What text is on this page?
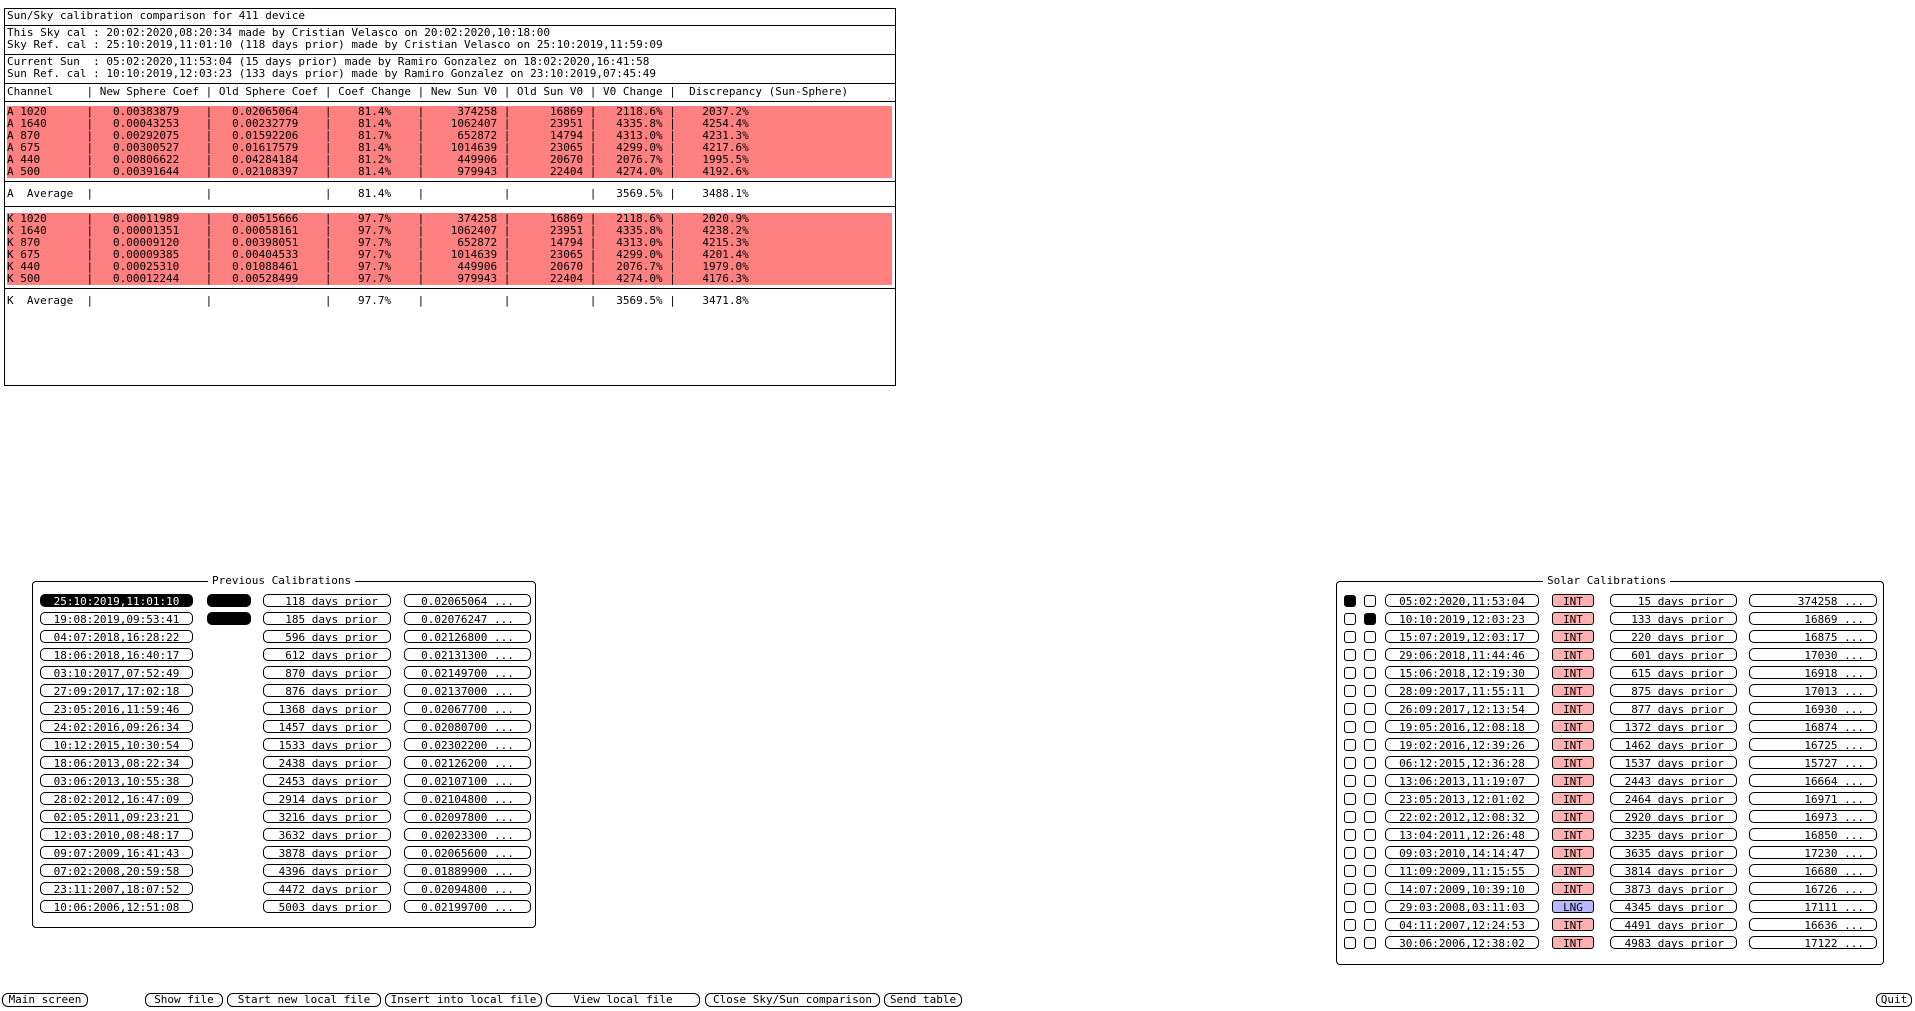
Sun/Sky calibration comparison for 411 device
This Sky cal : 20:02:2020,08:20:34 made by Cristian Velasco on 20:02:2020,10:18:00
Sky Ref. cal : 25:10:2019,11:01:10 (118 days prior) made by Cristian Velasco on 25:10:2019,11:59:09
Current Sun  : 05:02:2020,11:53:04 (15 days prior) made by Ramiro Gonzalez on 18:02:2020,16:41:58
Sun Ref. cal : 10:10:2019,12:03:23 (133 days prior) made by Ramiro Gonzalez on 23:10:2019,07:45:49
Channel     | New Sphere Coef | Old Sphere Coef | Coef Change | New Sun V0 | Old Sun V0 | V0 Change |  Discrepancy (Sun-Sphere)
A 1020      |   0.00383879    |   0.02065064    |    81.4%    |     374258 |      16869 |   2118.6% |    2037.2%
A 1640      |   0.00043253    |   0.00232779    |    81.4%    |    1062407 |      23951 |   4335.8% |    4254.4%
A 870       |   0.00292075    |   0.01592206    |    81.7%    |     652872 |      14794 |   4313.0% |    4231.3%
A 675       |   0.00300527    |   0.01617579    |    81.4%    |    1014639 |      23065 |   4299.0% |    4217.6%
A 440       |   0.00806622    |   0.04284184    |    81.2%    |     449906 |      20670 |   2076.7% |    1995.5%
A 500       |   0.00391644    |   0.02108397    |    81.4%    |     979943 |      22404 |   4274.0% |    4192.6%
A  Average  |                 |                 |    81.4%    |            |            |   3569.5% |    3488.1%
K 1020      |   0.00011989    |   0.00515666    |    97.7%    |     374258 |      16869 |   2118.6% |    2020.9%
K 1640      |   0.00001351    |   0.00058161    |    97.7%    |    1062407 |      23951 |   4335.8% |    4238.2%
K 870       |   0.00009120    |   0.00398051    |    97.7%    |     652872 |      14794 |   4313.0% |    4215.3%
K 675       |   0.00009385    |   0.00404533    |    97.7%    |    1014639 |      23065 |   4299.0% |    4201.4%
K 440       |   0.00025310    |   0.01088461    |    97.7%    |     449906 |      20670 |   2076.7% |    1979.0%
K 500       |   0.00012244    |   0.00528499    |    97.7%    |     979943 |      22404 |   4274.0% |    4176.3%
K  Average  |                 |                 |    97.7%    |            |            |   3569.5% |    3471.8%
Previous Calibrations
25:10:2019,11:01:10	118 days prior	0.02065064 ...
19:08:2019,09:53:41	185 days prior	0.02076247 ...
04:07:2018,16:28:22	596 days prior	0.02126800 ...
18:06:2018,16:40:17	612 days prior	0.02131300 ...
03:10:2017,07:52:49	870 days prior	0.02149700 ...
27:09:2017,17:02:18	876 days prior	0.02137000 ...
23:05:2016,11:59:46	1368 days prior	0.02067700 ...
24:02:2016,09:26:34	1457 days prior	0.02080700 ...
10:12:2015,10:30:54	1533 days prior	0.02302200 ...
18:06:2013,08:22:34	2438 days prior	0.02126200 ...
03:06:2013,10:55:38	2453 days prior	0.02107100 ...
28:02:2012,16:47:09	2914 days prior	0.02104800 ...
02:05:2011,09:23:21	3216 days prior	0.02097800 ...
12:03:2010,08:48:17	3632 days prior	0.02023300 ...
09:07:2009,16:41:43	3878 days prior	0.02065600 ...
07:02:2008,20:59:58	4396 days prior	0.01889900 ...
23:11:2007,18:07:52	4472 days prior	0.02094800 ...
10:06:2006,12:51:08	5003 days prior	0.02199700 ...
Solar Calibrations
05:02:2020,11:53:04	INT	15 days prior	374258 ...
10:10:2019,12:03:23	INT	133 days prior	16869 ...
15:07:2019,12:03:17	INT	220 days prior	16875 ...
29:06:2018,11:44:46	INT	601 days prior	17030 ...
15:06:2018,12:19:30	INT	615 days prior	16918 ...
28:09:2017,11:55:11	INT	875 days prior	17013 ...
26:09:2017,12:13:54	INT	877 days prior	16930 ...
19:05:2016,12:08:18	INT	1372 days prior	16874 ...
19:02:2016,12:39:26	INT	1462 days prior	16725 ...
06:12:2015,12:36:28	INT	1537 days prior	15727 ...
13:06:2013,11:19:07	INT	2443 days prior	16664 ...
23:05:2013,12:01:02	INT	2464 days prior	16971 ...
22:02:2012,12:08:32	INT	2920 days prior	16973 ...
13:04:2011,12:26:48	INT	3235 days prior	16850 ...
09:03:2010,14:14:47	INT	3635 days prior	17230 ...
11:09:2009,11:15:55	INT	3814 days prior	16680 ...
14:07:2009,10:39:10	INT	3873 days prior	16726 ...
29:03:2008,03:11:03	LNG	4345 days prior	17111 ...
04:11:2007,12:24:53	INT	4491 days prior	16636 ...
30:06:2006,12:38:02	INT	4983 days prior	17122 ...
Main screen	Show file	Start new local file	Insert into local file	View local file	Close Sky/Sun comparison	Send table	Quit
